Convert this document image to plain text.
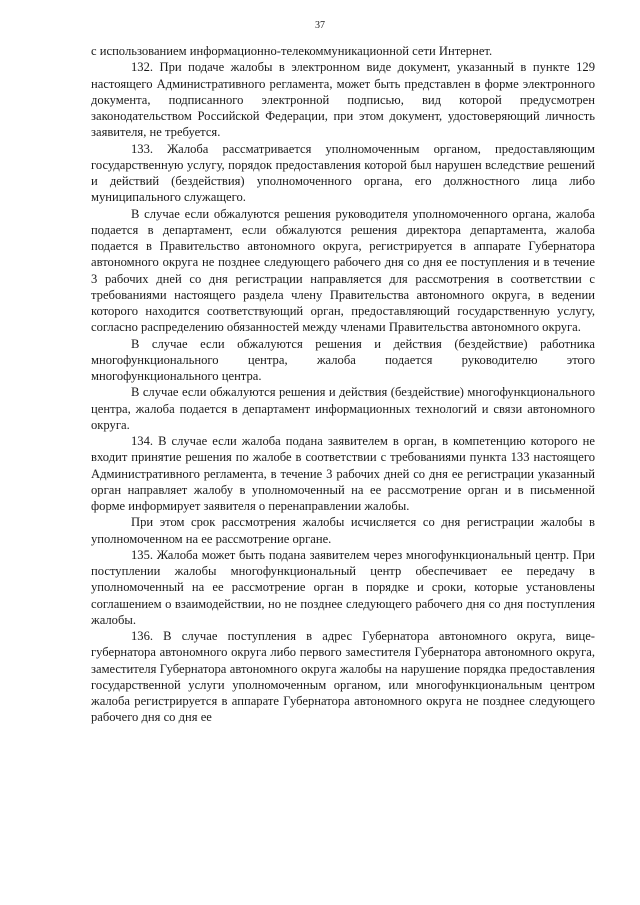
37

с использованием информационно-телекоммуникационной сети Интернет.

132. При подаче жалобы в электронном виде документ, указанный в пункте 129 настоящего Административного регламента, может быть представлен в форме электронного документа, подписанного электронной подписью, вид которой предусмотрен законодательством Российской Федерации, при этом документ, удостоверяющий личность заявителя, не требуется.

133. Жалоба рассматривается уполномоченным органом, предоставляющим государственную услугу, порядок предоставления которой был нарушен вследствие решений и действий (бездействия) уполномоченного органа, его должностного лица либо муниципального служащего.

В случае если обжалуются решения руководителя уполномоченного органа, жалоба подается в департамент, если обжалуются решения директора департамента, жалоба подается в Правительство автономного округа, регистрируется в аппарате Губернатора автономного округа не позднее следующего рабочего дня со дня ее поступления и в течение 3 рабочих дней со дня регистрации направляется для рассмотрения в соответствии с требованиями настоящего раздела члену Правительства автономного округа, в ведении которого находится соответствующий орган, предоставляющий государственную услугу, согласно распределению обязанностей между членами Правительства автономного округа.

В случае если обжалуются решения и действия (бездействие) работника многофункционального центра, жалоба подается руководителю этого многофункционального центра.

В случае если обжалуются решения и действия (бездействие) многофункционального центра, жалоба подается в департамент информационных технологий и связи автономного округа.

134. В случае если жалоба подана заявителем в орган, в компетенцию которого не входит принятие решения по жалобе в соответствии с требованиями пункта 133 настоящего Административного регламента, в течение 3 рабочих дней со дня ее регистрации указанный орган направляет жалобу в уполномоченный на ее рассмотрение орган и в письменной форме информирует заявителя о перенаправлении жалобы.

При этом срок рассмотрения жалобы исчисляется со дня регистрации жалобы в уполномоченном на ее рассмотрение органе.

135. Жалоба может быть подана заявителем через многофункциональный центр. При поступлении жалобы многофункциональный центр обеспечивает ее передачу в уполномоченный на ее рассмотрение орган в порядке и сроки, которые установлены соглашением о взаимодействии, но не позднее следующего рабочего дня со дня поступления жалобы.

136. В случае поступления в адрес Губернатора автономного округа, вице-губернатора автономного округа либо первого заместителя Губернатора автономного округа, заместителя Губернатора автономного округа жалобы на нарушение порядка предоставления государственной услуги уполномоченным органом, или многофункциональным центром жалоба регистрируется в аппарате Губернатора автономного округа не позднее следующего рабочего дня со дня ее
